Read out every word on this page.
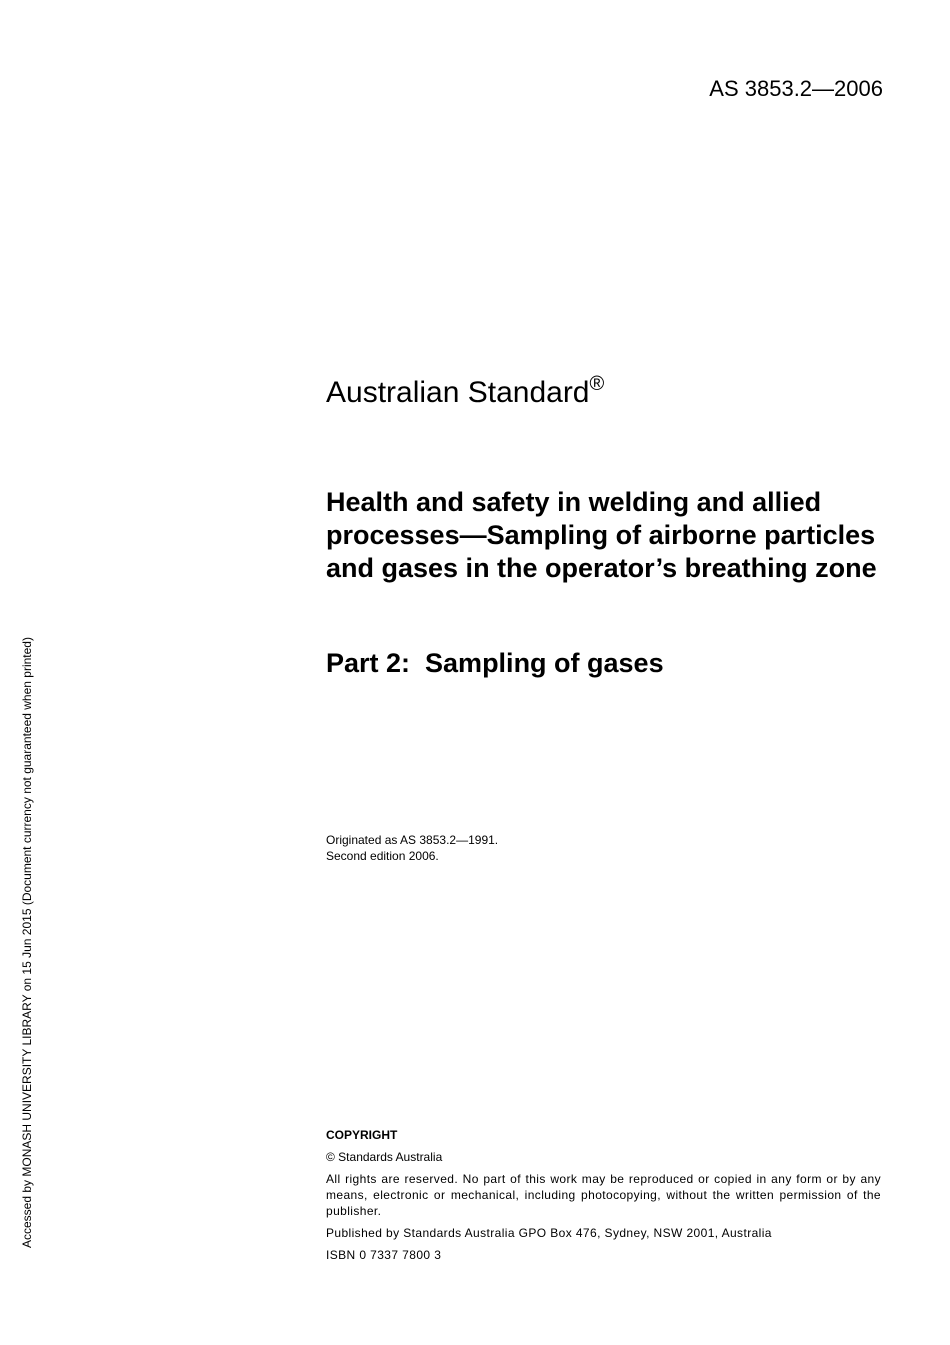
AS 3853.2—2006
Accessed by MONASH UNIVERSITY LIBRARY on 15 Jun 2015 (Document currency not guaranteed when printed)
Australian Standard®
Health and safety in welding and allied processes—Sampling of airborne particles and gases in the operator’s breathing zone
Part 2:  Sampling of gases
Originated as AS 3853.2—1991.
Second edition 2006.
COPYRIGHT
© Standards Australia
All rights are reserved. No part of this work may be reproduced or copied in any form or by any means, electronic or mechanical, including photocopying, without the written permission of the publisher.
Published by Standards Australia GPO Box 476, Sydney, NSW 2001, Australia
ISBN 0 7337 7800 3
